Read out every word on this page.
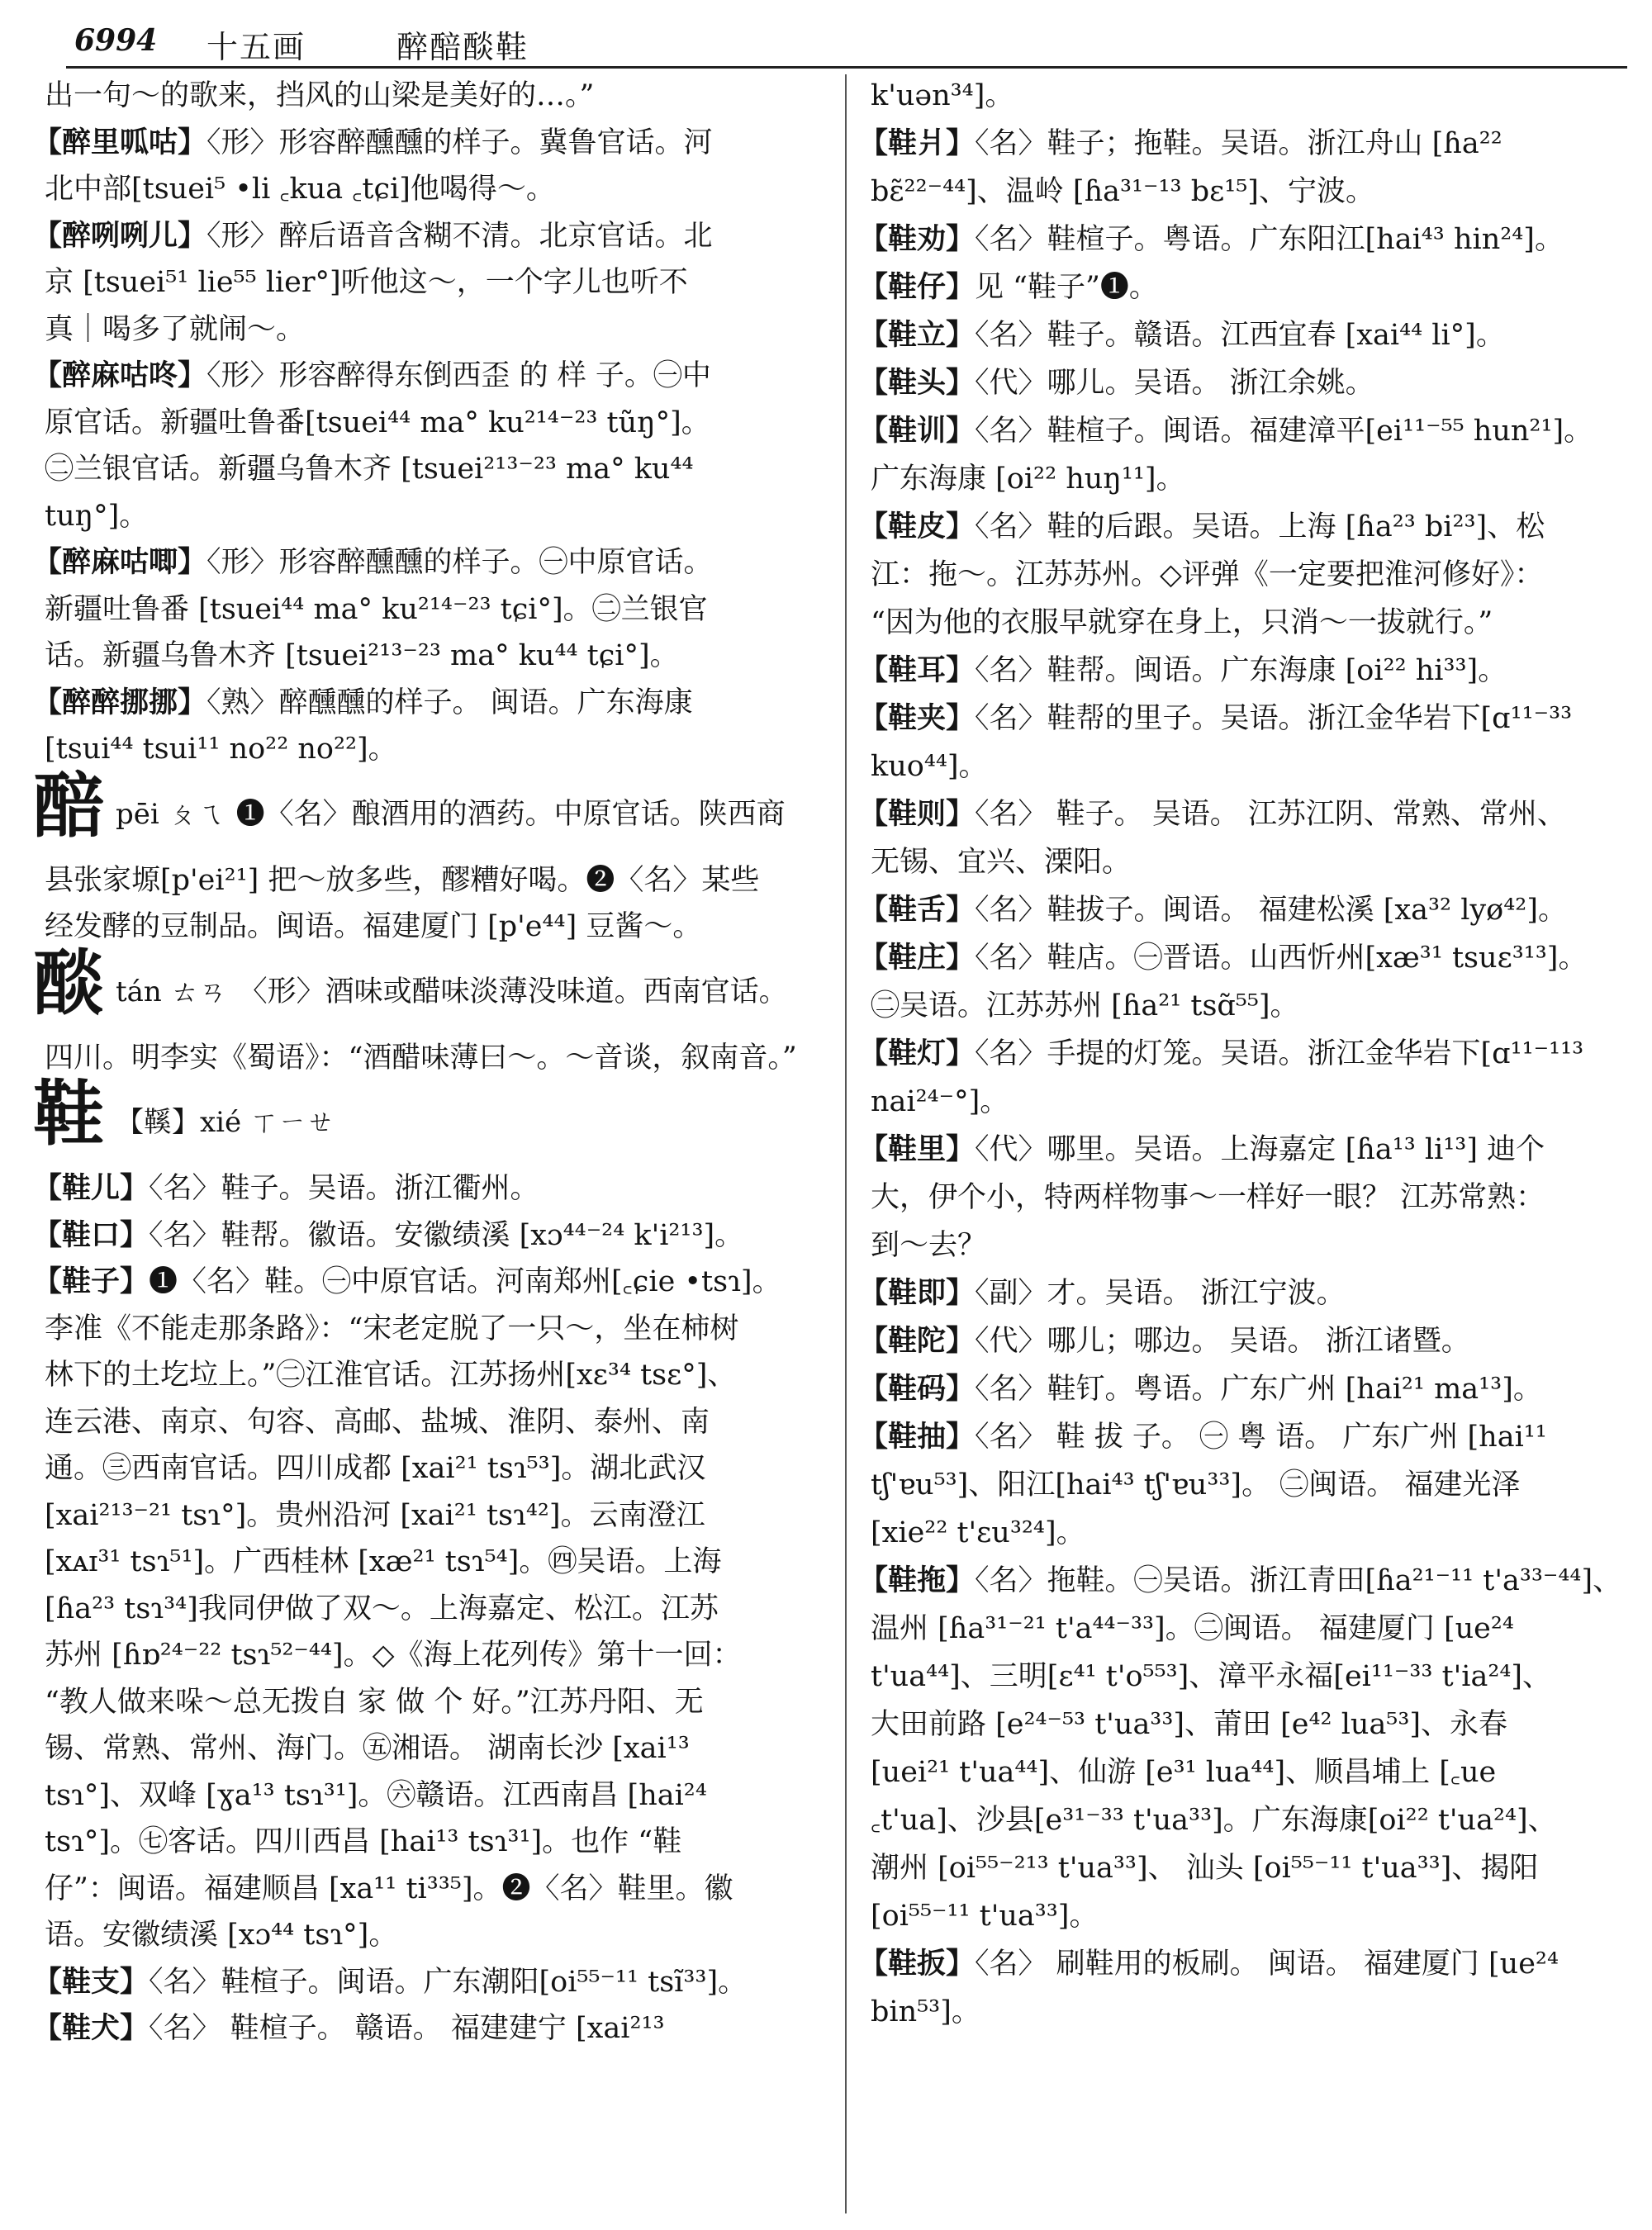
6994 十五画	醉醅醈鞋
出一句～的歌来，挡风的山梁是美好的…。”
【醉里呱咕】〈形〉形容醉醺醺的样子。冀鲁官话。河
北中部[tsuei⁵ •li ꜀kua ꜀tɕi]他喝得～。
【醉咧咧儿】〈形〉醉后语音含糊不清。北京官话。北
京 [tsuei⁵¹ lie⁵⁵ lier°]听他这～，一个字儿也听不
真｜喝多了就闹～。
【醉麻咕咚】〈形〉形容醉得东倒西歪 的 样 子。㊀中
原官话。新疆吐鲁番[tsuei⁴⁴ ma° ku²¹⁴⁻²³ tũŋ°]。
㊁兰银官话。新疆乌鲁木齐 [tsuei²¹³⁻²³ ma° ku⁴⁴
tuŋ°]。
【醉麻咕唧】〈形〉形容醉醺醺的样子。㊀中原官话。
新疆吐鲁番 [tsuei⁴⁴ ma° ku²¹⁴⁻²³ tɕi°]。㊁兰银官
话。新疆乌鲁木齐 [tsuei²¹³⁻²³ ma° ku⁴⁴ tɕi°]。
【醉醉挪挪】〈熟〉醉醺醺的样子。 闽语。广东海康
[tsui⁴⁴ tsui¹¹ no²² no²²]。
醅 pēi ㄆㄟ ❶〈名〉酿酒用的酒药。中原官话。陕西商
县张家塬[p'ei²¹] 把～放多些，醪糟好喝。❷〈名〉某些
经发酵的豆制品。闽语。福建厦门 [p'e⁴⁴] 豆酱～。
醈 tán ㄊㄢ 〈形〉酒味或醋味淡薄没味道。西南官话。
四川。明李实《蜀语》：“酒醋味薄曰～。～音谈，叙南音。”
鞋 【鞵】xié ㄒㄧㄝ
【鞋儿】〈名〉鞋子。吴语。浙江衢州。
【鞋口】〈名〉鞋帮。徽语。安徽绩溪 [xɔ⁴⁴⁻²⁴ k'i²¹³]。
【鞋子】❶〈名〉鞋。㊀中原官话。河南郑州[꜀ɕie •tsɿ]。
李准《不能走那条路》：“宋老定脱了一只～，坐在柿树
林下的土圪垃上。”㊁江淮官话。江苏扬州[xɛ³⁴ tsɛ°]、
连云港、南京、句容、高邮、盐城、淮阴、泰州、南
通。㊂西南官话。四川成都 [xai²¹ tsɿ⁵³]。湖北武汉
[xai²¹³⁻²¹ tsɿ°]。贵州沿河 [xai²¹ tsɿ⁴²]。云南澄江
[xᴀɪ³¹ tsɿ⁵¹]。广西桂林 [xæ²¹ tsɿ⁵⁴]。㊃吴语。上海
[ɦa²³ tsɿ³⁴]我同伊做了双～。上海嘉定、松江。江苏
苏州 [ɦɒ²⁴⁻²² tsɿ⁵²⁻⁴⁴]。◇《海上花列传》第十一回：
“教人做来哚～总无拨自 家 做 个 好。”江苏丹阳、无
锡、常熟、常州、海门。㊄湘语。 湖南长沙 [xai¹³
tsɿ°]、双峰 [ɣa¹³ tsɿ³¹]。㊅赣语。江西南昌 [hai²⁴
tsɿ°]。㊆客话。四川西昌 [hai¹³ tsɿ³¹]。也作 “鞋
仔”：闽语。福建顺昌 [xa¹¹ ti³³⁵]。❷〈名〉鞋里。徽
语。安徽绩溪 [xɔ⁴⁴ tsɿ°]。
【鞋支】〈名〉鞋楦子。闽语。广东潮阳[oi⁵⁵⁻¹¹ tsĩ³³]。
【鞋犬】〈名〉 鞋楦子。 赣语。 福建建宁 [xai²¹³
k'uən³⁴]。
【鞋爿】〈名〉鞋子；拖鞋。吴语。浙江舟山 [ɦa²²
bɛ̃²²⁻⁴⁴]、温岭 [ɦa³¹⁻¹³ bɛ¹⁵]、宁波。
【鞋劝】〈名〉鞋楦子。粤语。广东阳江[hai⁴³ hin²⁴]。
【鞋仔】见 “鞋子”❶。
【鞋立】〈名〉鞋子。赣语。江西宜春 [xai⁴⁴ li°]。
【鞋头】〈代〉哪儿。吴语。 浙江余姚。
【鞋训】〈名〉鞋楦子。闽语。福建漳平[ei¹¹⁻⁵⁵ hun²¹]。
广东海康 [oi²² huŋ¹¹]。
【鞋皮】〈名〉鞋的后跟。吴语。上海 [ɦa²³ bi²³]、松
江：拖～。江苏苏州。◇评弹《一定要把淮河修好》：
“因为他的衣服早就穿在身上，只消～一拔就行。”
【鞋耳】〈名〉鞋帮。闽语。广东海康 [oi²² hi³³]。
【鞋夹】〈名〉鞋帮的里子。吴语。浙江金华岩下[ɑ¹¹⁻³³
kuo⁴⁴]。
【鞋则】〈名〉 鞋子。 吴语。 江苏江阴、常熟、常州、
无锡、宜兴、溧阳。
【鞋舌】〈名〉鞋拔子。闽语。 福建松溪 [xa³² lyø⁴²]。
【鞋庄】〈名〉鞋店。㊀晋语。山西忻州[xæ³¹ tsuɛ³¹³]。
㊁吴语。江苏苏州 [ɦa²¹ tsɑ̃⁵⁵]。
【鞋灯】〈名〉手提的灯笼。吴语。浙江金华岩下[ɑ¹¹⁻¹¹³
nai²⁴⁻°]。
【鞋里】〈代〉哪里。吴语。上海嘉定 [ɦa¹³ li¹³] 迪个
大，伊个小，特两样物事～一样好一眼？ 江苏常熟：
到～去？
【鞋即】〈副〉才。吴语。 浙江宁波。
【鞋陀】〈代〉哪儿；哪边。 吴语。 浙江诸暨。
【鞋码】〈名〉鞋钉。粤语。广东广州 [hai²¹ ma¹³]。
【鞋抽】〈名〉 鞋 拔 子。 ㊀ 粤 语。 广东广州 [hai¹¹
tʃ'ɐu⁵³]、阳江[hai⁴³ tʃ'ɐu³³]。 ㊁闽语。 福建光泽
[xie²² t'ɛu³²⁴]。
【鞋拖】〈名〉拖鞋。㊀吴语。浙江青田[ɦa²¹⁻¹¹ t'a³³⁻⁴⁴]、
温州 [ɦa³¹⁻²¹ t'a⁴⁴⁻³³]。㊁闽语。 福建厦门 [ue²⁴
t'ua⁴⁴]、三明[ɛ⁴¹ t'o⁵⁵³]、漳平永福[ei¹¹⁻³³ t'ia²⁴]、
大田前路 [e²⁴⁻⁵³ t'ua³³]、莆田 [e⁴² lua⁵³]、永春
[uei²¹ t'ua⁴⁴]、仙游 [e³¹ lua⁴⁴]、顺昌埔上 [꜀ue
꜀t'ua]、沙县[e³¹⁻³³ t'ua³³]。广东海康[oi²² t'ua²⁴]、
潮州 [oi⁵⁵⁻²¹³ t'ua³³]、 汕头 [oi⁵⁵⁻¹¹ t'ua³³]、揭阳
[oi⁵⁵⁻¹¹ t'ua³³]。
【鞋扳】〈名〉 刷鞋用的板刷。 闽语。 福建厦门 [ue²⁴
bin⁵³]。
